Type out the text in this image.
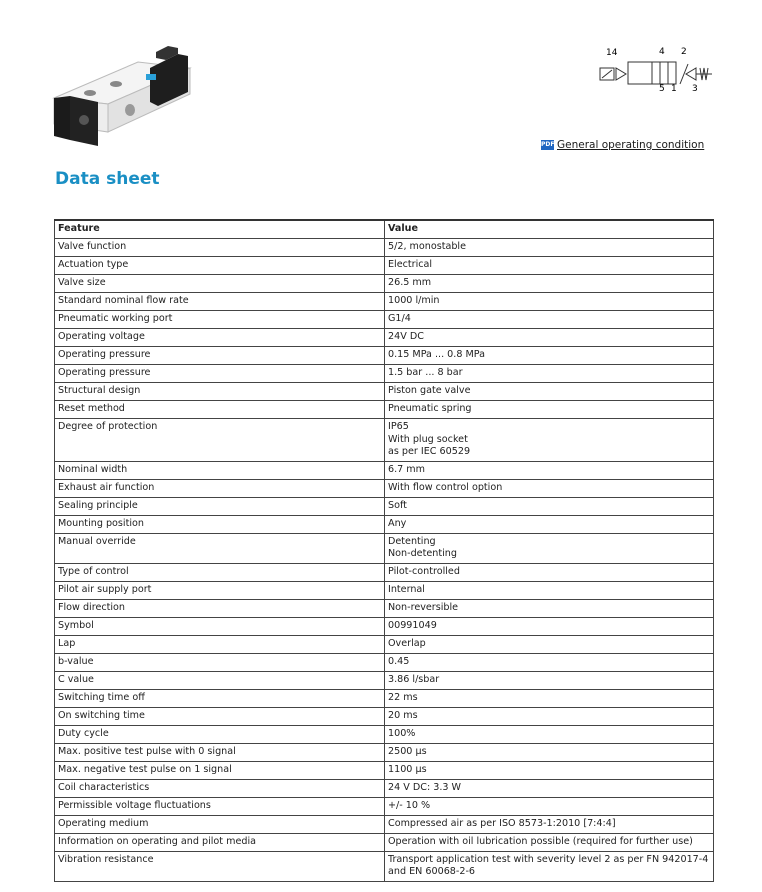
14	4 2
5 1 3
PDF General operating condition
Data sheet
Feature	Value
Valve function	5/2, monostable
Actuation type	Electrical
Valve size	26.5 mm
Standard nominal flow rate	1000 l/min
Pneumatic working port	G1/4
Operating voltage	24V DC
Operating pressure	0.15 MPa ... 0.8 MPa
Operating pressure	1.5 bar ... 8 bar
Structural design	Piston gate valve
Reset method	Pneumatic spring
Degree of protection	IP65
With plug socket
as per IEC 60529
Nominal width	6.7 mm
Exhaust air function	With flow control option
Sealing principle	Soft
Mounting position	Any
Manual override	Detenting
Non-detenting
Type of control	Pilot-controlled
Pilot air supply port	Internal
Flow direction	Non-reversible
Symbol	00991049
Lap	Overlap
b-value	0.45
C value	3.86 l/sbar
Switching time off	22 ms
On switching time	20 ms
Duty cycle	100%
Max. positive test pulse with 0 signal	2500 µs
Max. negative test pulse on 1 signal	1100 µs
Coil characteristics	24 V DC: 3.3 W
Permissible voltage fluctuations	+/- 10 %
Operating medium	Compressed air as per ISO 8573-1:2010 [7:4:4]
Information on operating and pilot media	Operation with oil lubrication possible (required for further use)
Vibration resistance	Transport application test with severity level 2 as per FN 942017-4 and EN 60068-2-6
